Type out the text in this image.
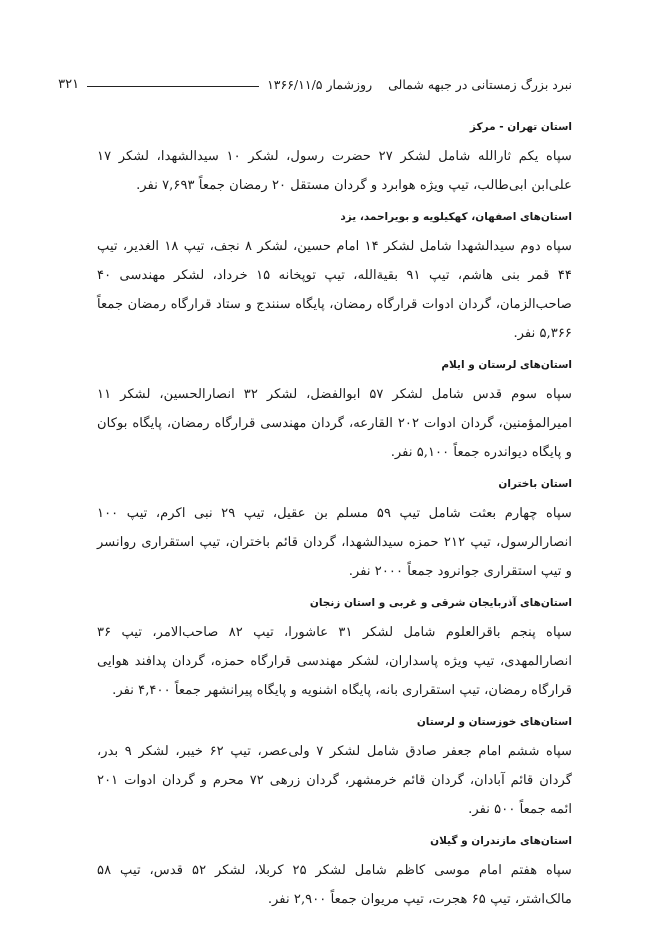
نبرد بزرگ زمستانی در جبهه شمالی
روزشمار ۱۳۶۶/۱۱/۵
۳۲۱
استان تهران - مرکز

سپاه یکم ثارالله شامل لشکر ۲۷ حضرت رسول، لشکر ۱۰ سیدالشهدا، لشکر ۱۷ علی‌ابن ابی‌طالب، تیپ ویژه هوابرد و گردان مستقل ۲۰ رمضان جمعاً ۷,۶۹۳ نفر.

استان‌های اصفهان، کهکیلویه و بویراحمد، یزد

سپاه دوم سیدالشهدا شامل لشکر ۱۴ امام حسین، لشکر ۸ نجف، تیپ ۱۸ الغدیر، تیپ ۴۴ قمر بنی هاشم، تیپ ۹۱ بقیةالله، تیپ توپخانه ۱۵ خرداد، لشکر مهندسی ۴۰ صاحب‌الزمان، گردان ادوات قرارگاه رمضان، پایگاه سنندج و ستاد قرارگاه رمضان جمعاً ۵,۳۶۶ نفر.

استان‌های لرستان و ایلام

سپاه سوم قدس شامل لشکر ۵۷ ابوالفضل، لشکر ۳۲ انصارالحسین، لشکر ۱۱ امیرالمؤمنین، گردان ادوات ۲۰۲ القارعه، گردان مهندسی قرارگاه رمضان، پایگاه بوکان و پایگاه دیواندره جمعاً ۵,۱۰۰ نفر.

استان باختران

سپاه چهارم بعثت شامل تیپ ۵۹ مسلم بن عقیل، تیپ ۲۹ نبی اکرم، تیپ ۱۰۰ انصارالرسول، تیپ ۲۱۲ حمزه سیدالشهدا، گردان قائم باختران، تیپ استقراری روانسر و تیپ استقراری جوانرود جمعاً ۲۰۰۰ نفر.

استان‌های آذربایجان شرقی و غربی و استان زنجان

سپاه پنجم باقرالعلوم شامل لشکر ۳۱ عاشورا، تیپ ۸۲ صاحب‌الامر، تیپ ۳۶ انصارالمهدی، تیپ ویژه پاسداران، لشکر مهندسی قرارگاه حمزه، گردان پدافند هوایی قرارگاه رمضان، تیپ استقراری بانه، پایگاه اشنویه و پایگاه پیرانشهر جمعاً ۴,۴۰۰ نفر.

استان‌های خوزستان و لرستان

سپاه ششم امام جعفر صادق شامل لشکر ۷ ولی‌عصر، تیپ ۶۲ خیبر، لشکر ۹ بدر، گردان قائم آبادان، گردان قائم خرمشهر، گردان زرهی ۷۲ محرم و گردان ادوات ۲۰۱ ائمه جمعاً ۵۰۰ نفر.

استان‌های مازندران و گیلان

سپاه هفتم امام موسی کاظم شامل لشکر ۲۵ کربلا، لشکر ۵۲ قدس، تیپ ۵۸ مالک‌اشتر، تیپ ۶۵ هجرت، تیپ مریوان جمعاً ۲,۹۰۰ نفر.
